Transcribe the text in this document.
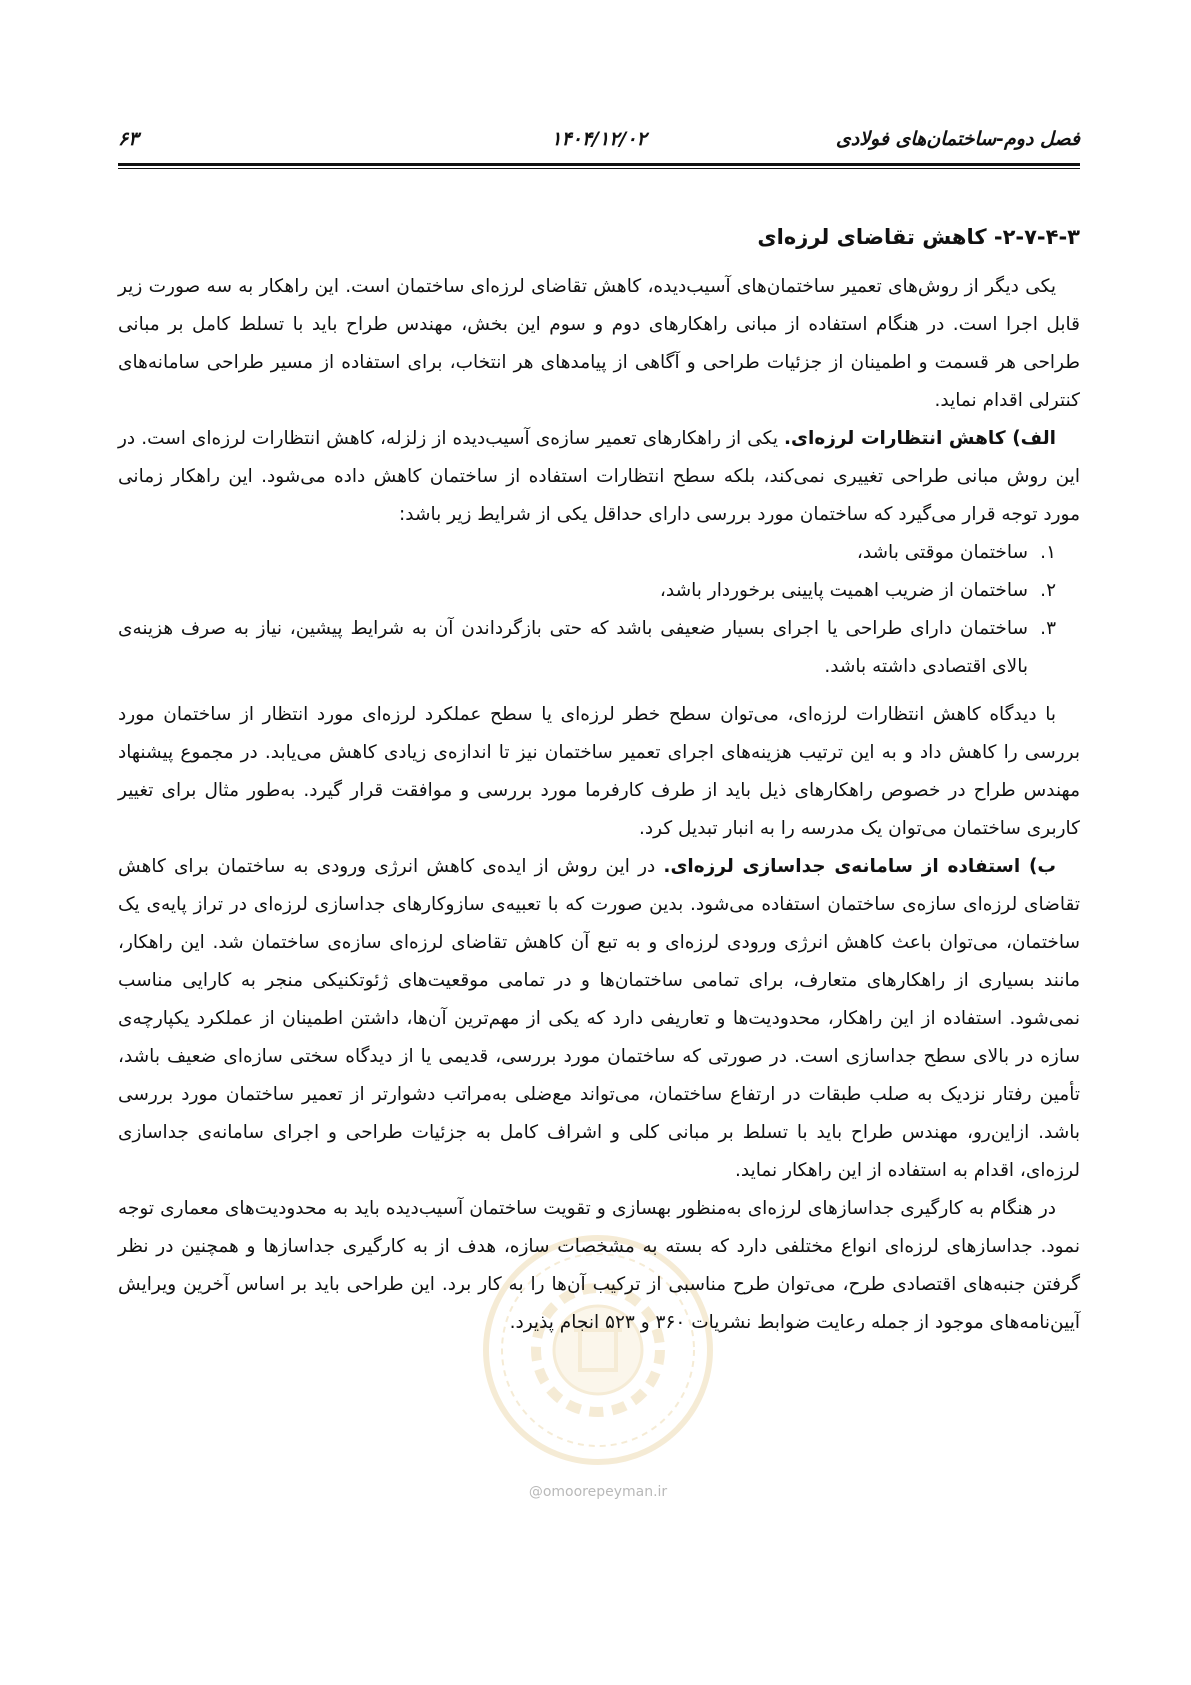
فصل دوم-ساختمان‌های فولادی
۱۴۰۴/۱۲/۰۲
۶۳
@omoorepeyman.ir
۲-۷-۴-۳- کاهش تقاضای لرزه‌ای

یکی دیگر از روش‌های تعمیر ساختمان‌های آسیب‌دیده، کاهش تقاضای لرزه‌ای ساختمان است. این راهکار به سه صورت زیر قابل اجرا است. در هنگام استفاده از مبانی راهکارهای دوم و سوم این بخش، مهندس طراح باید با تسلط کامل بر مبانی طراحی هر قسمت و اطمینان از جزئیات طراحی و آگاهی از پیامدهای هر انتخاب، برای استفاده از مسیر طراحی سامانه‌های کنترلی اقدام نماید.

الف) کاهش انتظارات لرزه‌ای. یکی از راهکارهای تعمیر سازه‌ی آسیب‌دیده از زلزله، کاهش انتظارات لرزه‌ای است. در این روش مبانی طراحی تغییری نمی‌کند، بلکه سطح انتظارات استفاده از ساختمان کاهش داده می‌شود. این راهکار زمانی مورد توجه قرار می‌گیرد که ساختمان مورد بررسی دارای حداقل یکی از شرایط زیر باشد:

۱.
ساختمان موقتی باشد،
۲.
ساختمان از ضریب اهمیت پایینی برخوردار باشد،
۳.
ساختمان دارای طراحی یا اجرای بسیار ضعیفی باشد که حتی بازگرداندن آن به شرایط پیشین، نیاز به صرف هزینه‌ی بالای اقتصادی داشته باشد.

با دیدگاه کاهش انتظارات لرزه‌ای، می‌توان سطح خطر لرزه‌ای یا سطح عملکرد لرزه‌ای مورد انتظار از ساختمان مورد بررسی را کاهش داد و به این ترتیب هزینه‌های اجرای تعمیر ساختمان نیز تا اندازه‌ی زیادی کاهش می‌یابد. در مجموع پیشنهاد مهندس طراح در خصوص راهکارهای ذیل باید از طرف کارفرما مورد بررسی و موافقت قرار گیرد. به‌طور مثال برای تغییر کاربری ساختمان می‌توان یک مدرسه را به انبار تبدیل کرد.

ب) استفاده از سامانه‌ی جداسازی لرزه‌ای. در این روش از ایده‌ی کاهش انرژی ورودی به ساختمان برای کاهش تقاضای لرزه‌ای سازه‌ی ساختمان استفاده می‌شود. بدین صورت که با تعبیه‌ی سازوکارهای جداسازی لرزه‌ای در تراز پایه‌ی یک ساختمان، می‌توان باعث کاهش انرژی ورودی لرزه‌ای و به تبع آن کاهش تقاضای لرزه‌ای سازه‌ی ساختمان شد. این راهکار، مانند بسیاری از راهکارهای متعارف، برای تمامی ساختمان‌ها و در تمامی موقعیت‌های ژئوتکنیکی منجر به کارایی مناسب نمی‌شود. استفاده از این راهکار، محدودیت‌ها و تعاریفی دارد که یکی از مهم‌ترین آن‌ها، داشتن اطمینان از عملکرد یکپارچه‌ی سازه در بالای سطح جداسازی است. در صورتی که ساختمان مورد بررسی، قدیمی یا از دیدگاه سختی سازه‌ای ضعیف باشد، تأمین رفتار نزدیک به صلب طبقات در ارتفاع ساختمان، می‌تواند مع‌ضلی به‌مراتب دشوارتر از تعمیر ساختمان مورد بررسی باشد. ازاین‌رو، مهندس طراح باید با تسلط بر مبانی کلی و اشراف کامل به جزئیات طراحی و اجرای سامانه‌ی جداسازی لرزه‌ای، اقدام به استفاده از این راهکار نماید.

در هنگام به کارگیری جداسازهای لرزه‌ای به‌منظور بهسازی و تقویت ساختمان آسیب‌دیده باید به محدودیت‌های معماری توجه نمود. جداسازهای لرزه‌ای انواع مختلفی دارد که بسته به مشخصات سازه، هدف از به کارگیری جداسازها و همچنین در نظر گرفتن جنبه‌های اقتصادی طرح، می‌توان طرح مناسبی از ترکیب آن‌ها را به کار برد. این طراحی باید بر اساس آخرین ویرایش آیین‌نامه‌های موجود از جمله رعایت ضوابط نشریات ۳۶۰ و ۵۲۳ انجام پذیرد.
